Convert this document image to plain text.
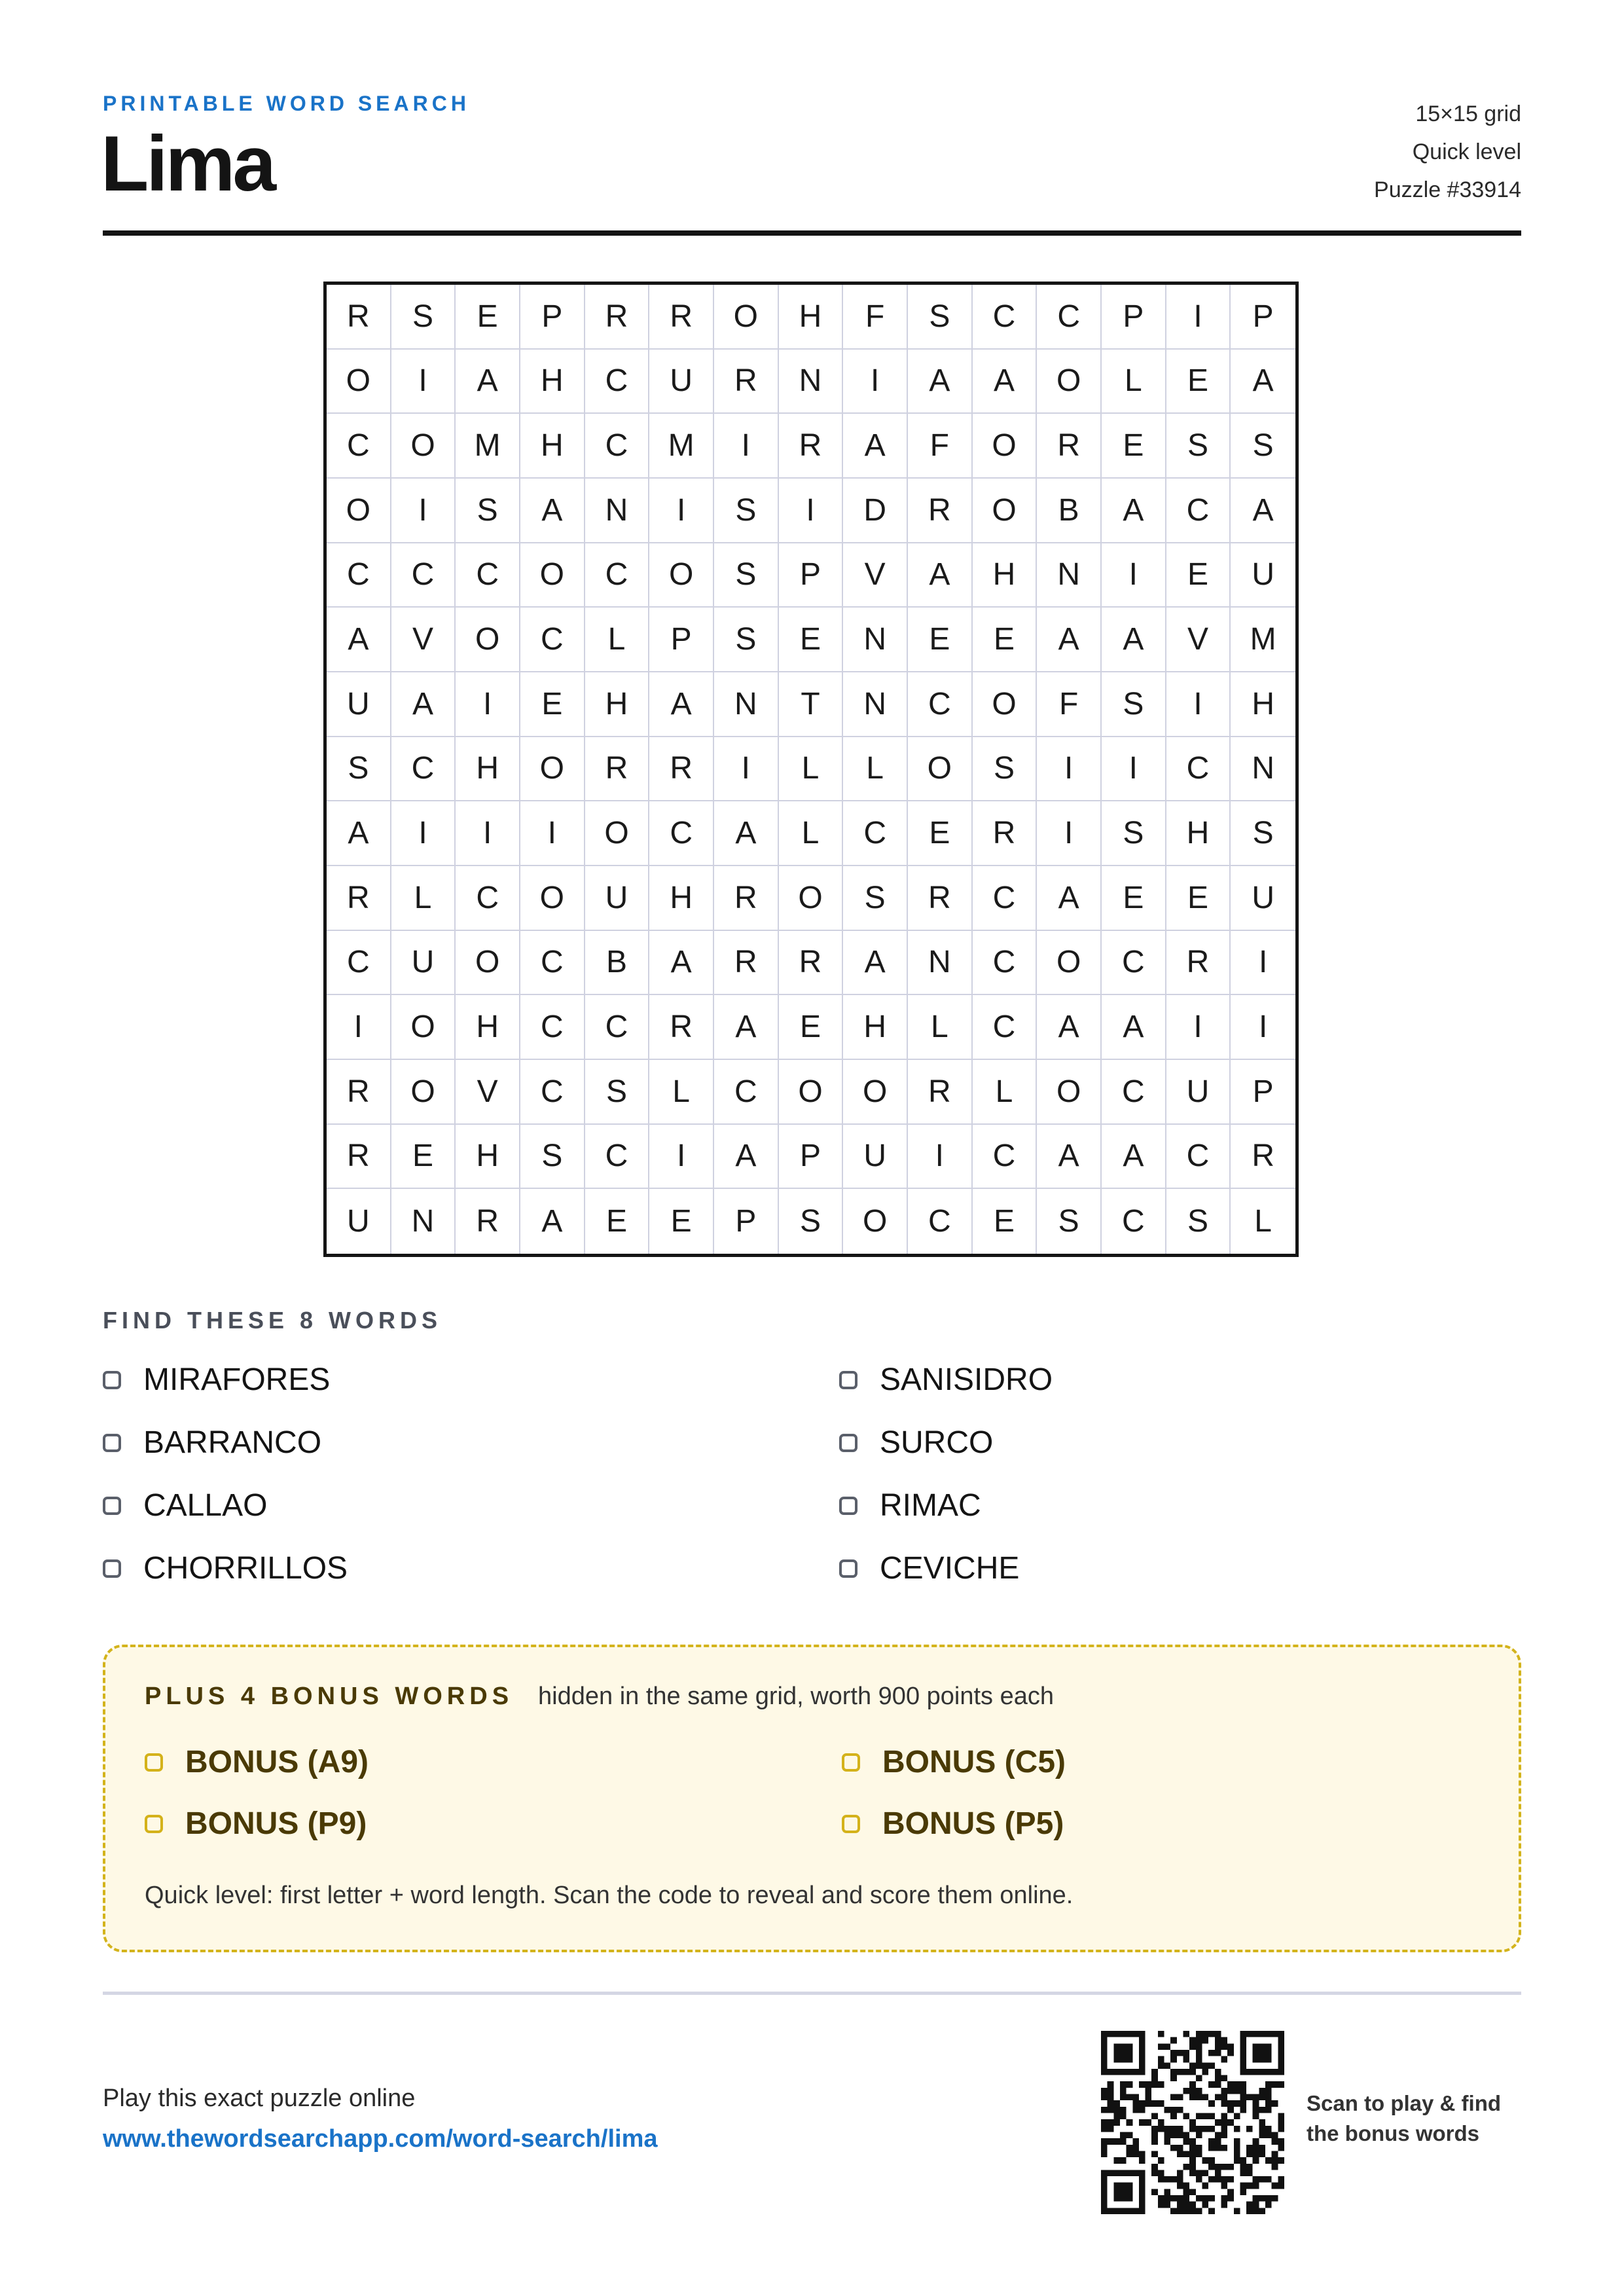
PRINTABLE WORD SEARCH
Lima
15×15 grid
Quick level
Puzzle #33914
R	S	E	P	R	R	O	H	F	S	C	C	P	I	P
O	I	A	H	C	U	R	N	I	A	A	O	L	E	A
C	O	M	H	C	M	I	R	A	F	O	R	E	S	S
O	I	S	A	N	I	S	I	D	R	O	B	A	C	A
C	C	C	O	C	O	S	P	V	A	H	N	I	E	U
A	V	O	C	L	P	S	E	N	E	E	A	A	V	M
U	A	I	E	H	A	N	T	N	C	O	F	S	I	H
S	C	H	O	R	R	I	L	L	O	S	I	I	C	N
A	I	I	I	O	C	A	L	C	E	R	I	S	H	S
R	L	C	O	U	H	R	O	S	R	C	A	E	E	U
C	U	O	C	B	A	R	R	A	N	C	O	C	R	I
I	O	H	C	C	R	A	E	H	L	C	A	A	I	I
R	O	V	C	S	L	C	O	O	R	L	O	C	U	P
R	E	H	S	C	I	A	P	U	I	C	A	A	C	R
U	N	R	A	E	E	P	S	O	C	E	S	C	S	L
FIND THESE 8 WORDS
MIRAFORES	SANISIDRO
BARRANCO	SURCO
CALLAO	RIMAC
CHORRILLOS	CEVICHE
PLUS 4 BONUS WORDS hidden in the same grid, worth 900 points each
BONUS (A9)	BONUS (C5)
BONUS (P9)	BONUS (P5)
Quick level: first letter + word length. Scan the code to reveal and score them online.
Play this exact puzzle online
www.thewordsearchapp.com/word-search/lima
Scan to play & find
the bonus words
